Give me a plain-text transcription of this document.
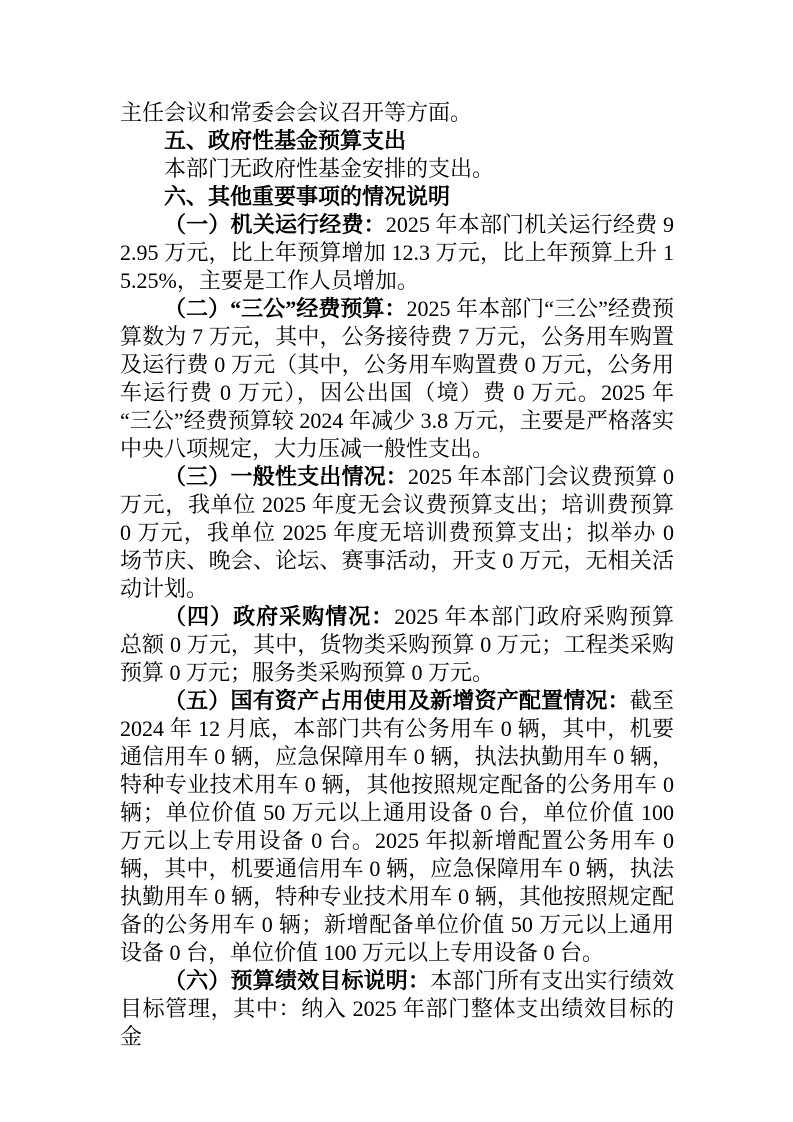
主任会议和常委会会议召开等方面。

五、政府性基金预算支出

本部门无政府性基金安排的支出。

六、其他重要事项的情况说明

（一）机关运行经费：2025 年本部门机关运行经费 92.95 万元，比上年预算增加 12.3 万元，比上年预算上升 15.25%，主要是工作人员增加。

（二）“三公”经费预算：2025 年本部门“三公”经费预算数为 7 万元，其中，公务接待费 7 万元，公务用车购置及运行费 0 万元（其中，公务用车购置费 0 万元，公务用车运行费 0 万元），因公出国（境）费 0 万元。2025 年“三公”经费预算较 2024 年减少 3.8 万元，主要是严格落实中央八项规定，大力压减一般性支出。

（三）一般性支出情况：2025 年本部门会议费预算 0 万元，我单位 2025 年度无会议费预算支出；培训费预算 0 万元，我单位 2025 年度无培训费预算支出；拟举办 0 场节庆、晚会、论坛、赛事活动，开支 0 万元，无相关活动计划。

（四）政府采购情况：2025 年本部门政府采购预算总额 0 万元，其中，货物类采购预算 0 万元；工程类采购预算 0 万元；服务类采购预算 0 万元。

（五）国有资产占用使用及新增资产配置情况：截至 2024 年 12 月底，本部门共有公务用车 0 辆，其中，机要通信用车 0 辆，应急保障用车 0 辆，执法执勤用车 0 辆，特种专业技术用车 0 辆，其他按照规定配备的公务用车 0 辆；单位价值 50 万元以上通用设备 0 台，单位价值 100 万元以上专用设备 0 台。2025 年拟新增配置公务用车 0 辆，其中，机要通信用车 0 辆，应急保障用车 0 辆，执法执勤用车 0 辆，特种专业技术用车 0 辆，其他按照规定配备的公务用车 0 辆；新增配备单位价值 50 万元以上通用设备 0 台，单位价值 100 万元以上专用设备 0 台。

（六）预算绩效目标说明：本部门所有支出实行绩效目标管理，其中：纳入 2025 年部门整体支出绩效目标的金
